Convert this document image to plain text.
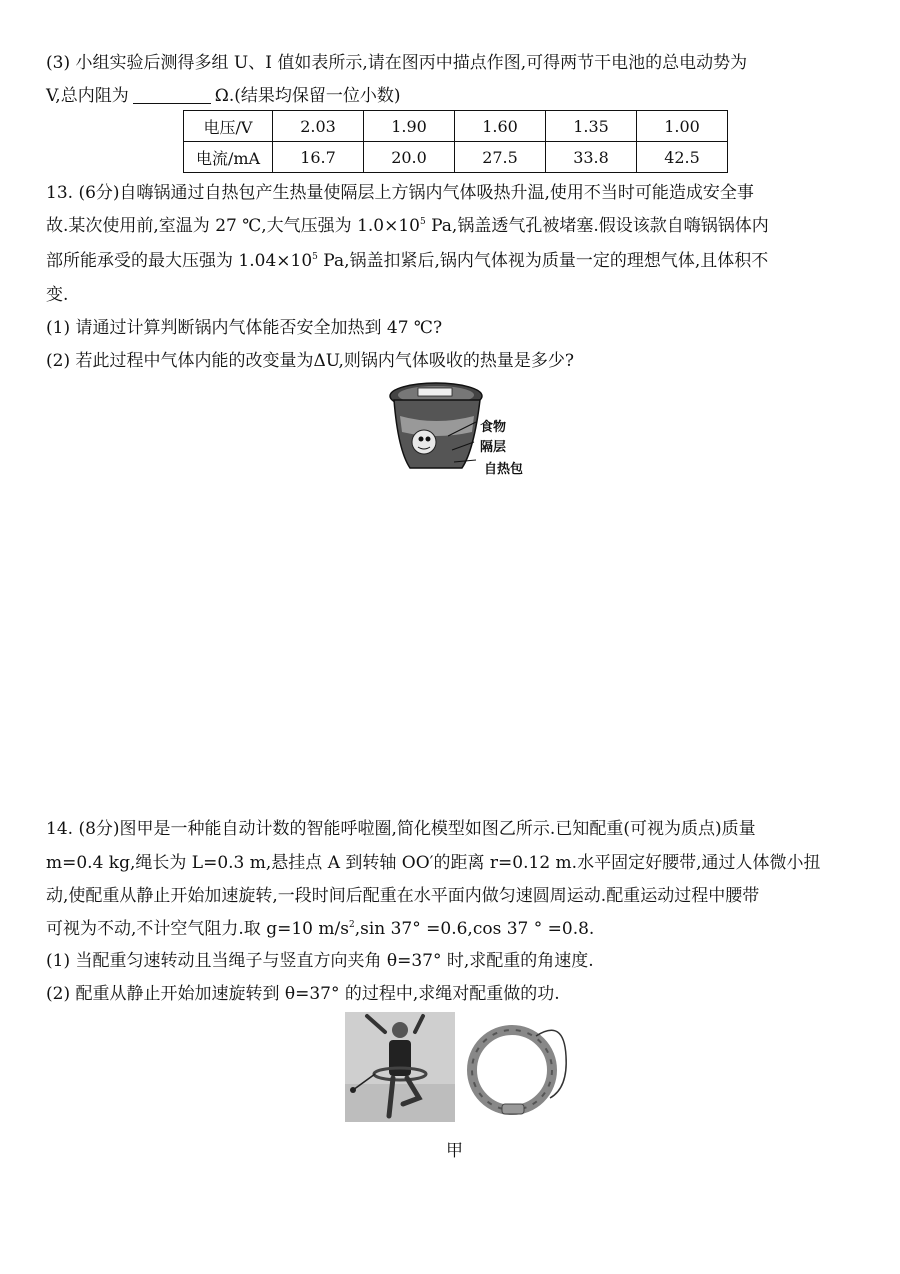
(3) 小组实验后测得多组 U、I 值如表所示,请在图丙中描点作图,可得两节干电池的总电动势为
V,总内阻为	Ω.(结果均保留一位小数)
电压/V	2.03	1.90	1.60	1.35	1.00
电流/mA	16.7	20.0	27.5	33.8	42.5
13. (6分)自嗨锅通过自热包产生热量使隔层上方锅内气体吸热升温,使用不当时可能造成安全事
故.某次使用前,室温为 27 ℃,大气压强为 $1.0\times 10^5$ Pa,锅盖透气孔被堵塞.假设该款自嗨锅锅体内
部所能承受的最大压强为 $1.04\times 10^5$ Pa,锅盖扣紧后,锅内气体视为质量一定的理想气体,且体积不
变.
(1) 请通过计算判断锅内气体能否安全加热到 47 ℃?
(2) 若此过程中气体内能的改变量为ΔU,则锅内气体吸收的热量是多少?
食物
隔层
自热包
14. (8分)图甲是一种能自动计数的智能呼啦圈,简化模型如图乙所示.已知配重(可视为质点)质量
m=0.4 kg,绳长为 L=0.3 m,悬挂点 A 到转轴 OO′的距离 r=0.12 m.水平固定好腰带,通过人体微小扭
动,使配重从静止开始加速旋转,一段时间后配重在水平面内做匀速圆周运动.配重运动过程中腰带
可视为不动,不计空气阻力.取 g=10 $m/s^2,\sin$ 37° =0.6,cos 37 ° =0.8.
(1) 当配重匀速转动且当绳子与竖直方向夹角 θ=37° 时,求配重的角速度.
(2) 配重从静止开始加速旋转到 θ=37° 的过程中,求绳对配重做的功.
甲
